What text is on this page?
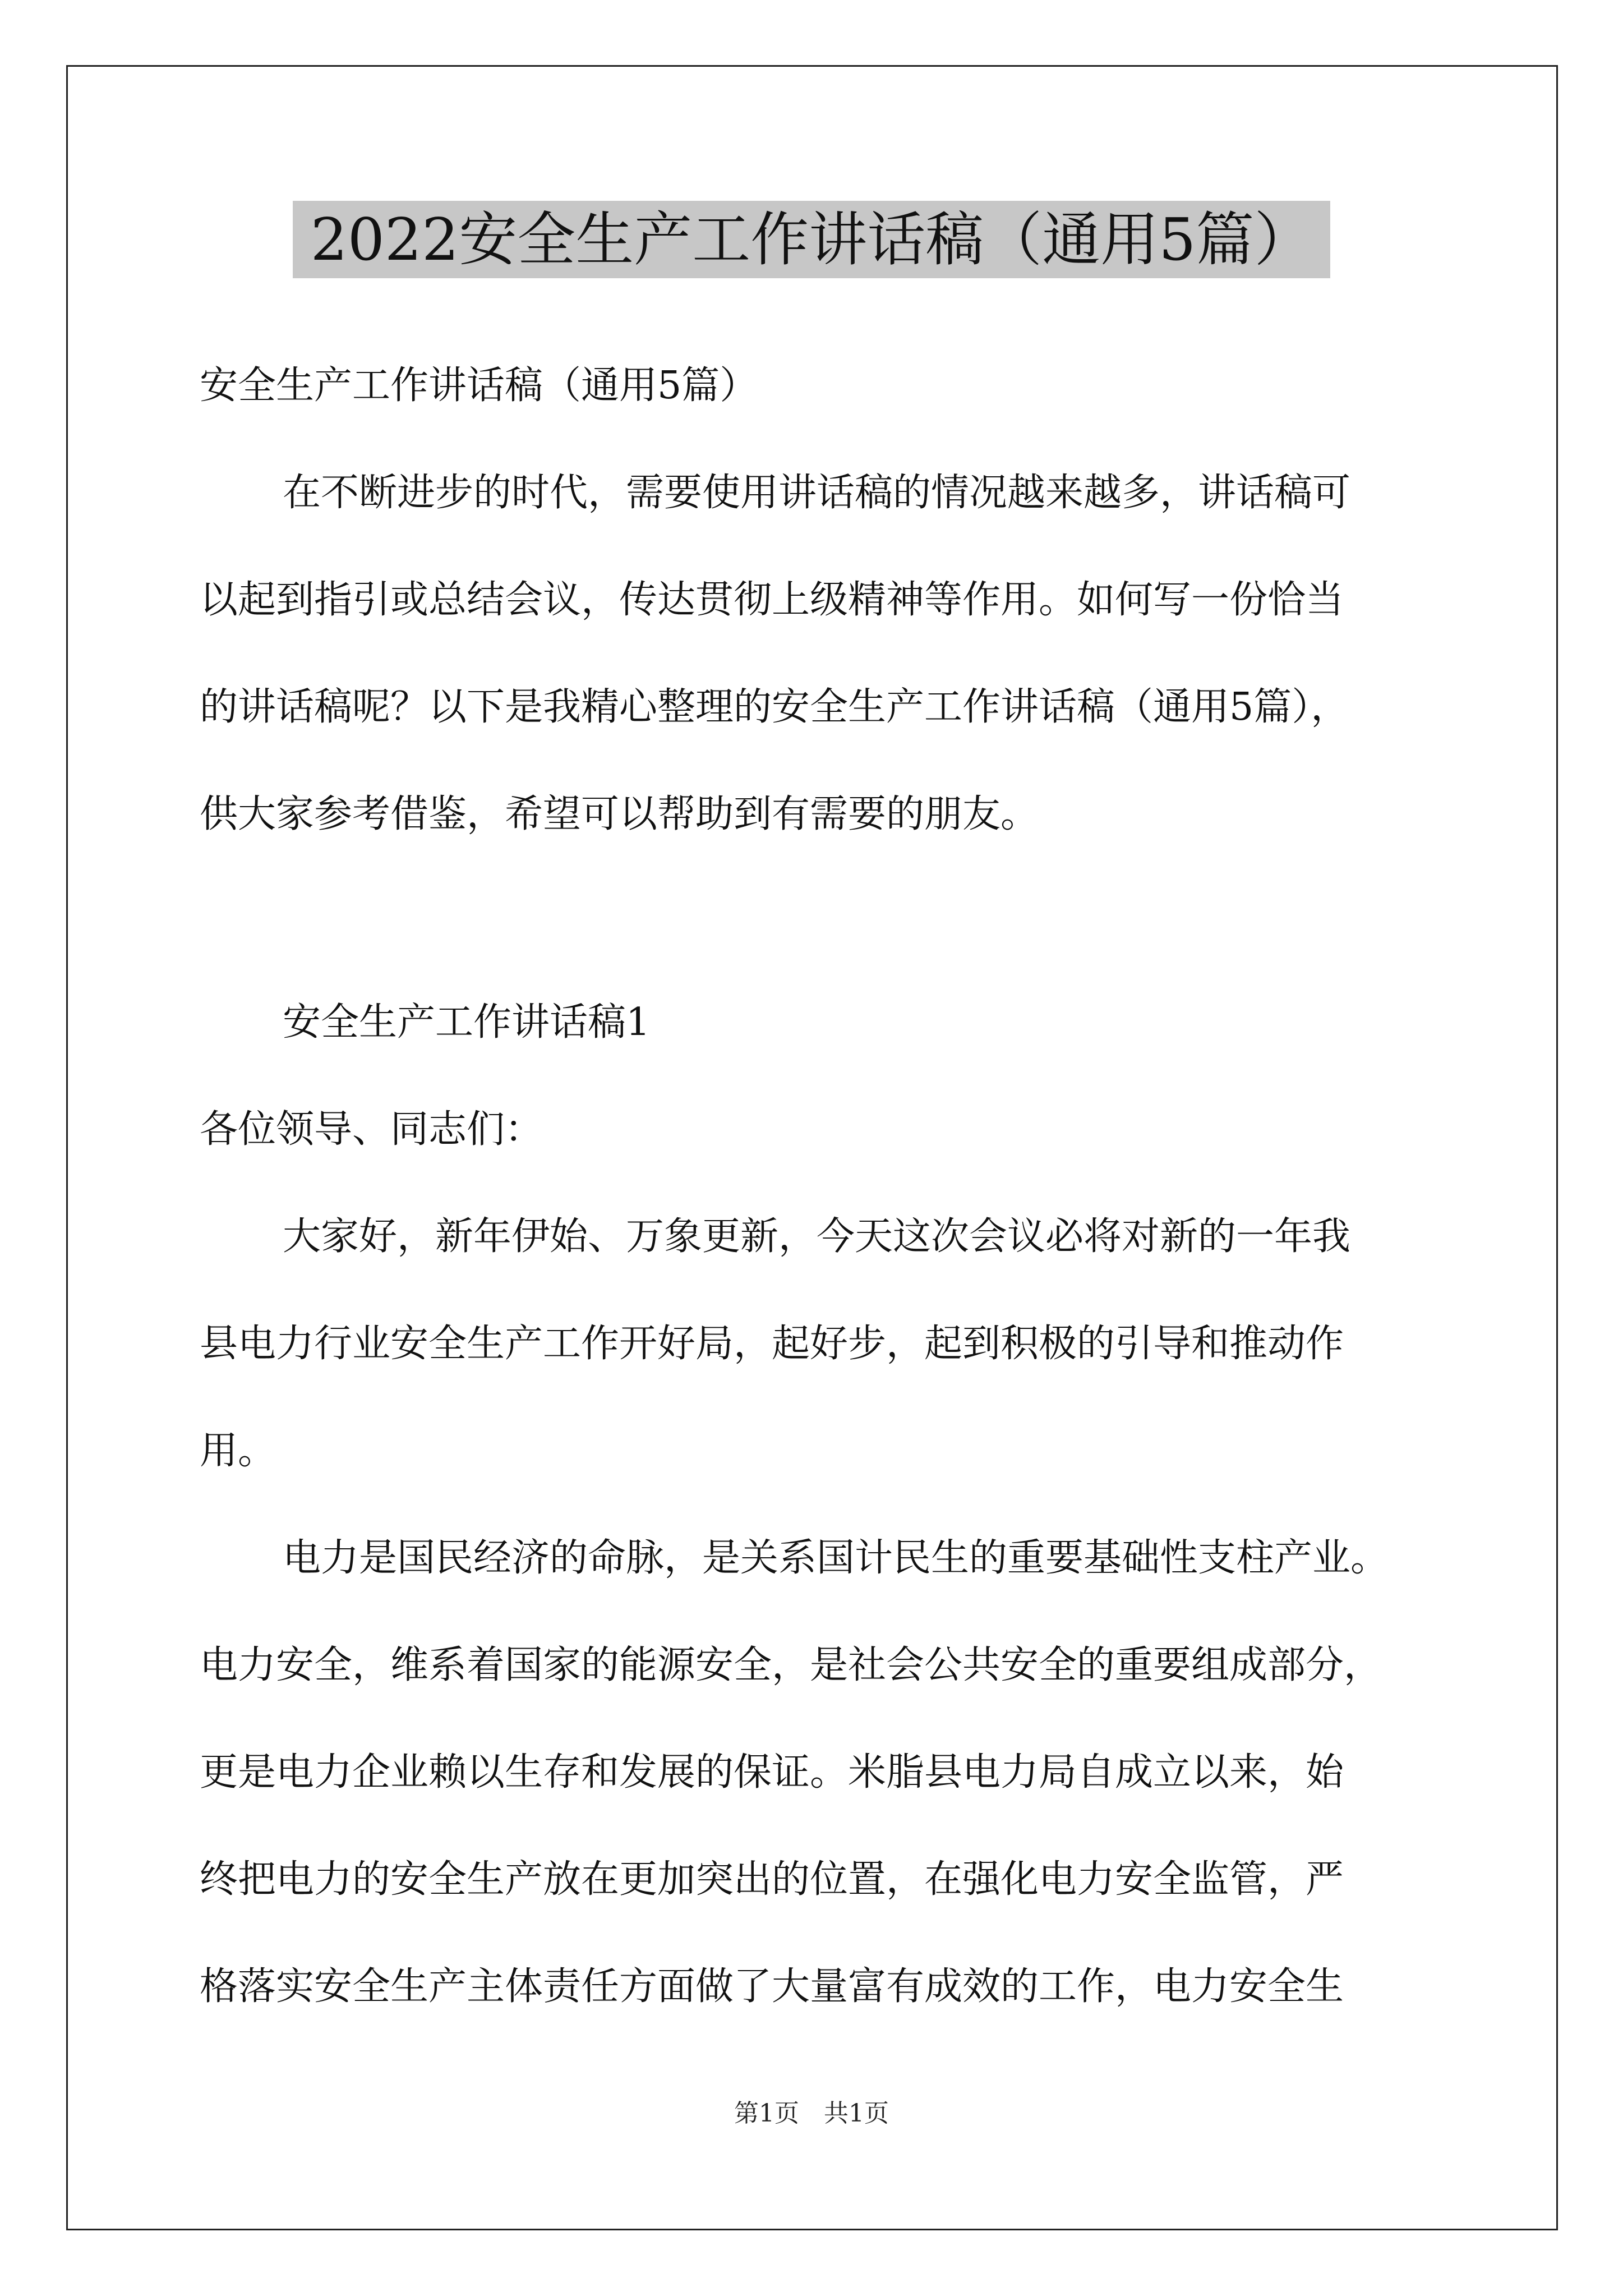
2022安全生产工作讲话稿（通用5篇）
安全生产工作讲话稿（通用5篇）
在不断进步的时代，需要使用讲话稿的情况越来越多，讲话稿可
以起到指引或总结会议，传达贯彻上级精神等作用。如何写一份恰当
的讲话稿呢？以下是我精心整理的安全生产工作讲话稿（通用5篇），
供大家参考借鉴，希望可以帮助到有需要的朋友。
安全生产工作讲话稿1
各位领导、同志们：
大家好，新年伊始、万象更新，今天这次会议必将对新的一年我
县电力行业安全生产工作开好局，起好步，起到积极的引导和推动作
用。
电力是国民经济的命脉，是关系国计民生的重要基础性支柱产业。
电力安全，维系着国家的能源安全，是社会公共安全的重要组成部分，
更是电力企业赖以生存和发展的保证。米脂县电力局自成立以来，始
终把电力的安全生产放在更加突出的位置，在强化电力安全监管，严
格落实安全生产主体责任方面做了大量富有成效的工作，电力安全生
第1页　共1页
